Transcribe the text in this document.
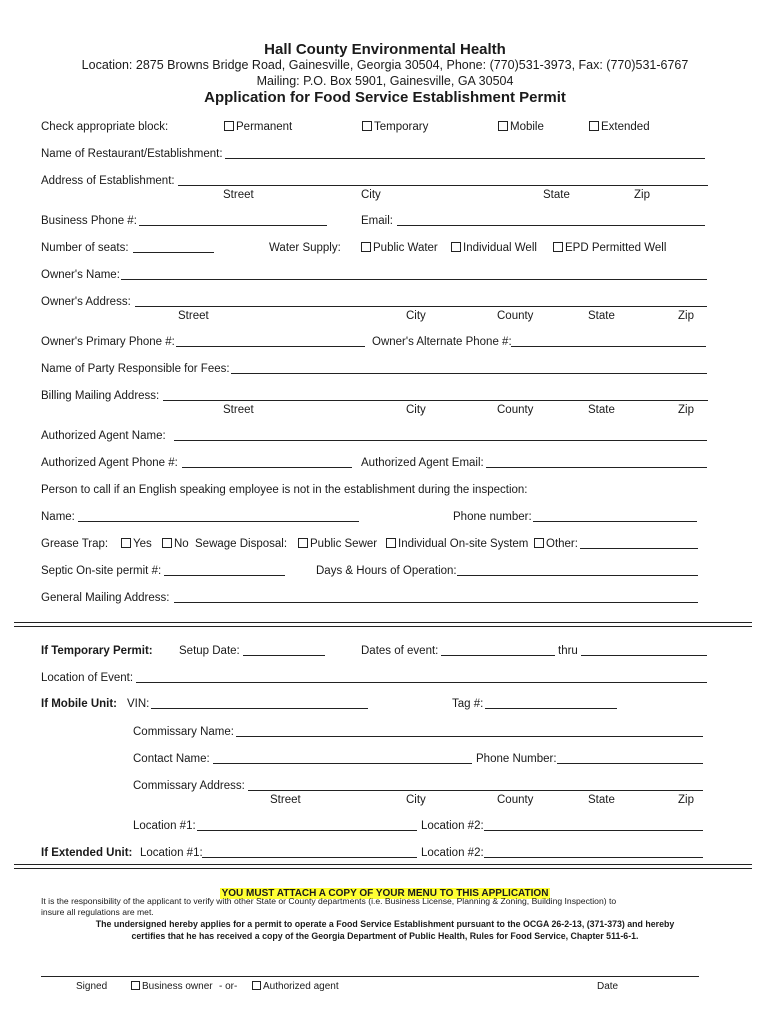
Hall County Environmental Health
Location: 2875 Browns Bridge Road, Gainesville, Georgia 30504, Phone: (770)531-3973, Fax: (770)531-6767
Mailing: P.O. Box 5901, Gainesville, GA 30504
Application for Food Service Establishment Permit
Check appropriate block:	Permanent	Temporary	Mobile	Extended
Name of Restaurant/Establishment:
Address of Establishment:
Street	City	State	Zip
Business Phone #:	Email:
Number of seats:	Water Supply:	Public Water	Individual Well	EPD Permitted Well
Owner's Name:
Owner's Address:
Street	City	County	State	Zip
Owner's Primary Phone #:	Owner's Alternate Phone #:
Name of Party Responsible for Fees:
Billing Mailing Address:
Street	City	County	State	Zip
Authorized Agent Name:
Authorized Agent Phone #:	Authorized Agent Email:
Person to call if an English speaking employee is not in the establishment during the inspection:
Name:	Phone number:
Grease Trap:	Yes	No Sewage Disposal:	Public Sewer	Individual On-site System	Other:
Septic On-site permit #:	Days & Hours of Operation:
General Mailing Address:
If Temporary Permit: Setup Date:	Dates of event:	thru
Location of Event:
If Mobile Unit: VIN:	Tag #:
Commissary Name:
Contact Name:	Phone Number:
Commissary Address:
Street	City	County	State	Zip
Location #1:	Location #2:
If Extended Unit: Location #1:	Location #2:
YOU MUST ATTACH A COPY OF YOUR MENU TO THIS APPLICATION
It is the responsibility of the applicant to verify with other State or County departments (i.e. Business License, Planning & Zoning, Building Inspection) to
insure all regulations are met.
The undersigned hereby applies for a permit to operate a Food Service Establishment pursuant to the OCGA 26-2-13, (371-373) and hereby
certifies that he has received a copy of the Georgia Department of Public Health, Rules for Food Service, Chapter 511-6-1.
Signed	Business owner - or-	Authorized agent	Date
